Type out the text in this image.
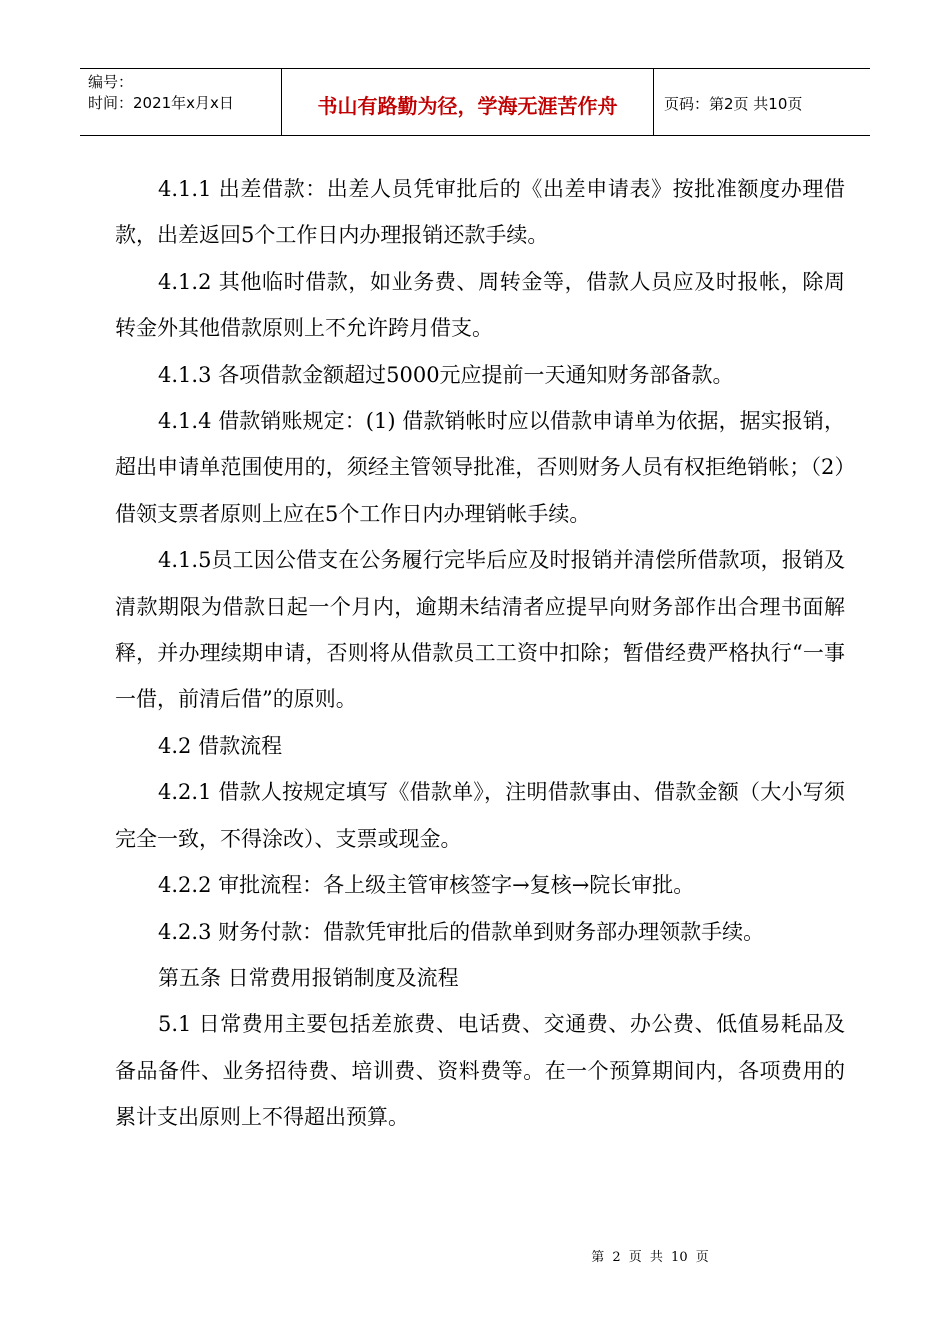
编号：
时间：2021年x月x日	书山有路勤为径，学海无涯苦作舟	页码：第2页 共10页

4.1.1 出差借款：出差人员凭审批后的《出差申请表》按批准额度办理借款，出差返回5个工作日内办理报销还款手续。

4.1.2 其他临时借款，如业务费、周转金等，借款人员应及时报帐，除周转金外其他借款原则上不允许跨月借支。

4.1.3 各项借款金额超过5000元应提前一天通知财务部备款。

4.1.4 借款销账规定：(1) 借款销帐时应以借款申请单为依据，据实报销，超出申请单范围使用的，须经主管领导批准，否则财务人员有权拒绝销帐；（2）借领支票者原则上应在5个工作日内办理销帐手续。

4.1.5员工因公借支在公务履行完毕后应及时报销并清偿所借款项，报销及清款期限为借款日起一个月内，逾期未结清者应提早向财务部作出合理书面解释，并办理续期申请，否则将从借款员工工资中扣除；暂借经费严格执行“一事一借，前清后借”的原则。

4.2 借款流程

4.2.1 借款人按规定填写《借款单》，注明借款事由、借款金额（大小写须完全一致，不得涂改）、支票或现金。

4.2.2 审批流程：各上级主管审核签字→复核→院长审批。

4.2.3 财务付款：借款凭审批后的借款单到财务部办理领款手续。

第五条 日常费用报销制度及流程

5.1 日常费用主要包括差旅费、电话费、交通费、办公费、低值易耗品及备品备件、业务招待费、培训费、资料费等。在一个预算期间内，各项费用的累计支出原则上不得超出预算。

第 2 页 共 10 页
